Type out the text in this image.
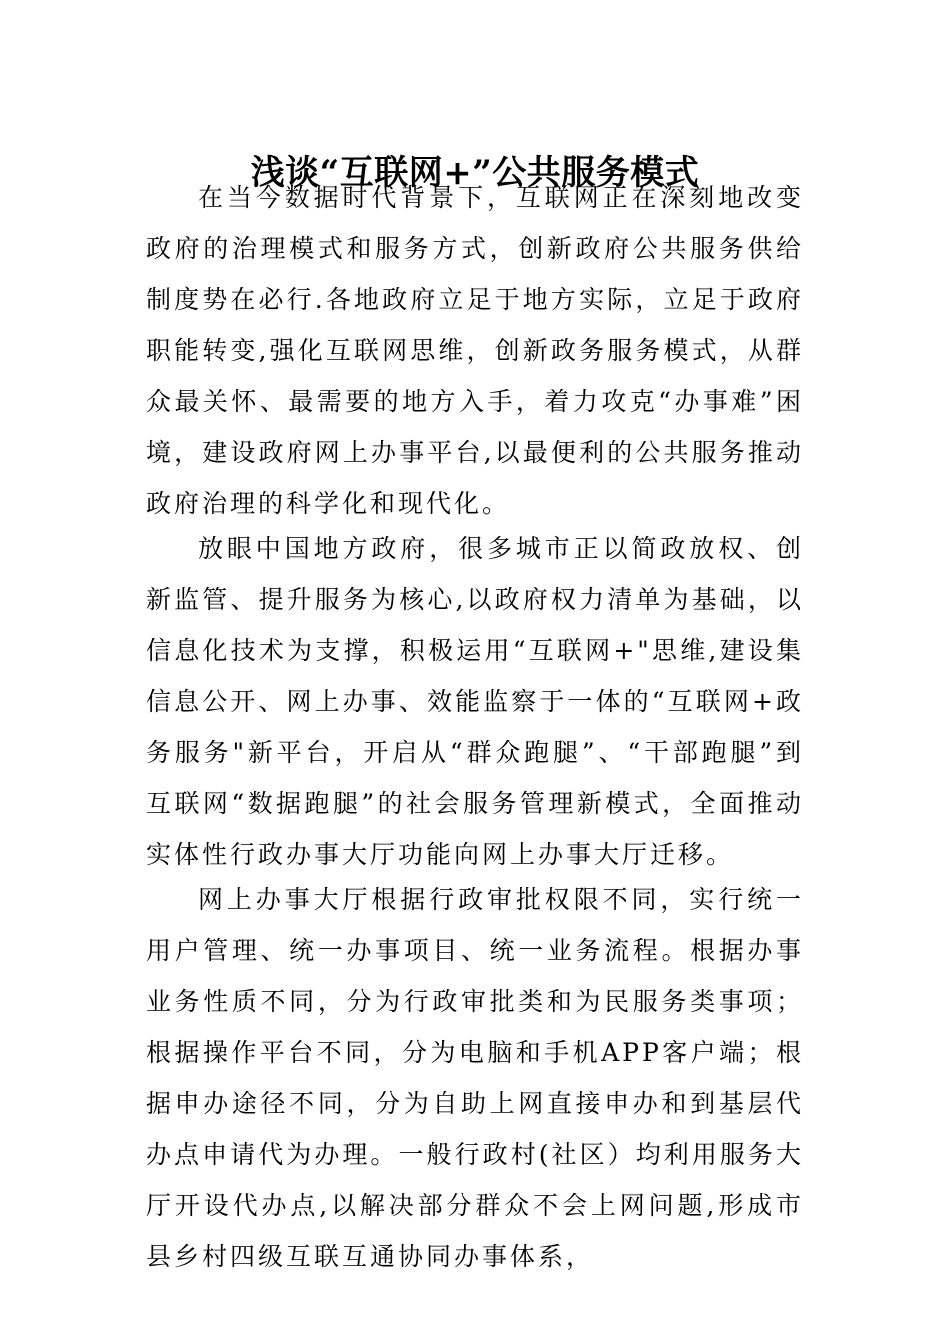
浅谈“互联网+”公共服务模式

在当今数据时代背景下，互联网正在深刻地改变政府的治理模式和服务方式，创新政府公共服务供给制度势在必行.各地政府立足于地方实际，立足于政府职能转变,强化互联网思维，创新政务服务模式，从群众最关怀、最需要的地方入手，着力攻克“办事难”困境，建设政府网上办事平台,以最便利的公共服务推动政府治理的科学化和现代化。

放眼中国地方政府，很多城市正以简政放权、创新监管、提升服务为核心,以政府权力清单为基础，以信息化技术为支撑，积极运用“互联网+"思维,建设集信息公开、网上办事、效能监察于一体的“互联网+政务服务"新平台，开启从“群众跑腿”、“干部跑腿”到互联网“数据跑腿”的社会服务管理新模式，全面推动实体性行政办事大厅功能向网上办事大厅迁移。

网上办事大厅根据行政审批权限不同，实行统一用户管理、统一办事项目、统一业务流程。根据办事业务性质不同，分为行政审批类和为民服务类事项；根据操作平台不同，分为电脑和手机APP客户端；根据申办途径不同，分为自助上网直接申办和到基层代办点申请代为办理。一般行政村(社区）均利用服务大厅开设代办点,以解决部分群众不会上网问题,形成市县乡村四级互联互通协同办事体系，
